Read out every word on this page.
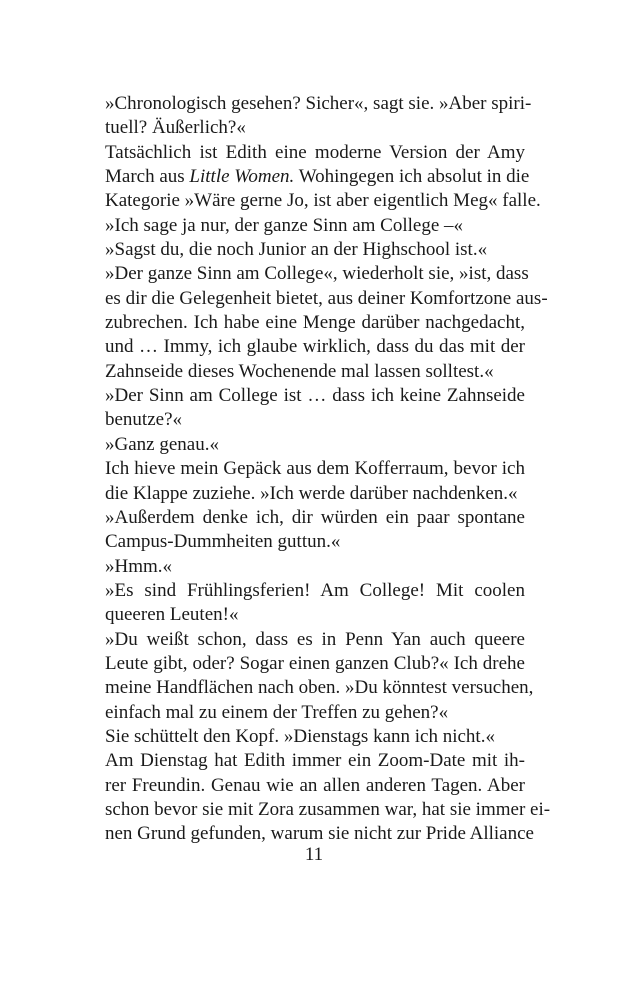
»Chronologisch gesehen? Sicher«, sagt sie. »Aber spiri-
tuell? Äußerlich?«
Tatsächlich ist Edith eine moderne Version der Amy
March aus Little Women. Wohingegen ich absolut in die
Kategorie »Wäre gerne Jo, ist aber eigentlich Meg« falle.
»Ich sage ja nur, der ganze Sinn am College –«
»Sagst du, die noch Junior an der Highschool ist.«
»Der ganze Sinn am College«, wiederholt sie, »ist, dass
es dir die Gelegenheit bietet, aus deiner Komfortzone aus-
zubrechen. Ich habe eine Menge darüber nachgedacht,
und … Immy, ich glaube wirklich, dass du das mit der
Zahnseide dieses Wochenende mal lassen solltest.«
»Der Sinn am College ist … dass ich keine Zahnseide
benutze?«
»Ganz genau.«
Ich hieve mein Gepäck aus dem Kofferraum, bevor ich
die Klappe zuziehe. »Ich werde darüber nachdenken.«
»Außerdem denke ich, dir würden ein paar spontane
Campus-Dummheiten guttun.«
»Hmm.«
»Es sind Frühlingsferien! Am College! Mit coolen
queeren Leuten!«
»Du weißt schon, dass es in Penn Yan auch queere
Leute gibt, oder? Sogar einen ganzen Club?« Ich drehe
meine Handflächen nach oben. »Du könntest versuchen,
einfach mal zu einem der Treffen zu gehen?«
Sie schüttelt den Kopf. »Dienstags kann ich nicht.«
Am Dienstag hat Edith immer ein Zoom-Date mit ih-
rer Freundin. Genau wie an allen anderen Tagen. Aber
schon bevor sie mit Zora zusammen war, hat sie immer ei-
nen Grund gefunden, warum sie nicht zur Pride Alliance
11
